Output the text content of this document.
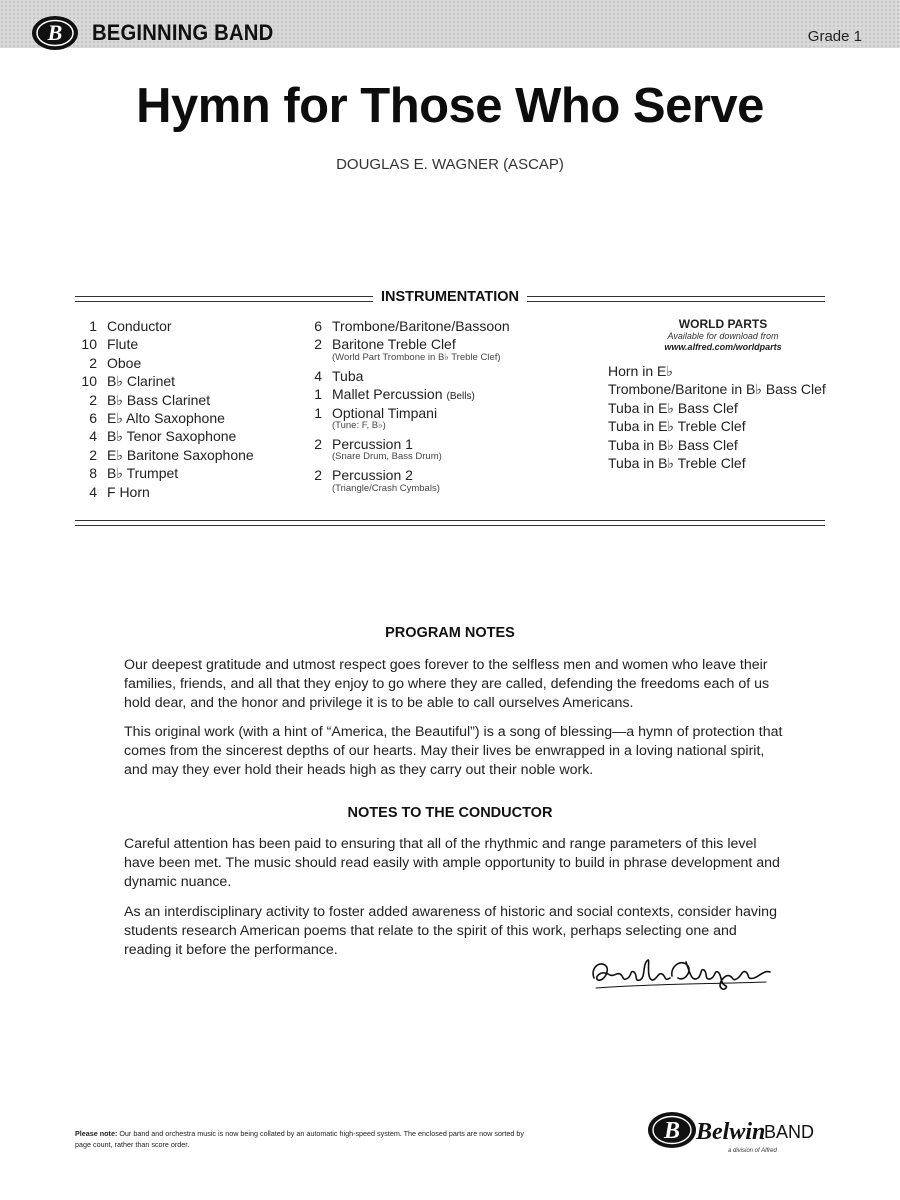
B BEGINNING BAND	Grade 1
Hymn for Those Who Serve
DOUGLAS E. WAGNER (ASCAP)
INSTRUMENTATION
1 Conductor
10 Flute
2 Oboe
10 B♭ Clarinet
2 B♭ Bass Clarinet
6 E♭ Alto Saxophone
4 B♭ Tenor Saxophone
2 E♭ Baritone Saxophone
8 B♭ Trumpet
4 F Horn
6 Trombone/Baritone/Bassoon
2 Baritone Treble Clef
(World Part Trombone in B♭ Treble Clef)
4 Tuba
1 Mallet Percussion (Bells)
1 Optional Timpani
(Tune: F, B♭)
2 Percussion 1
(Snare Drum, Bass Drum)
2 Percussion 2
(Triangle/Crash Cymbals)
WORLD PARTS
Available for download from
www.alfred.com/worldparts
Horn in E♭
Trombone/Baritone in B♭ Bass Clef
Tuba in E♭ Bass Clef
Tuba in E♭ Treble Clef
Tuba in B♭ Bass Clef
Tuba in B♭ Treble Clef
PROGRAM NOTES
Our deepest gratitude and utmost respect goes forever to the selfless men and women who leave their families, friends, and all that they enjoy to go where they are called, defending the freedoms each of us hold dear, and the honor and privilege it is to be able to call ourselves Americans.
This original work (with a hint of “America, the Beautiful”) is a song of blessing—a hymn of protection that comes from the sincerest depths of our hearts. May their lives be enwrapped in a loving national spirit, and may they ever hold their heads high as they carry out their noble work.
NOTES TO THE CONDUCTOR
Careful attention has been paid to ensuring that all of the rhythmic and range parameters of this level have been met. The music should read easily with ample opportunity to build in phrase development and dynamic nuance.
As an interdisciplinary activity to foster added awareness of historic and social contexts, consider having students research American poems that relate to the spirit of this work, perhaps selecting one and reading it before the performance.
Please note: Our band and orchestra music is now being collated by an automatic high-speed system. The enclosed parts are now sorted by page count, rather than score order.
B Belwin
BAND
a division of Alfred
